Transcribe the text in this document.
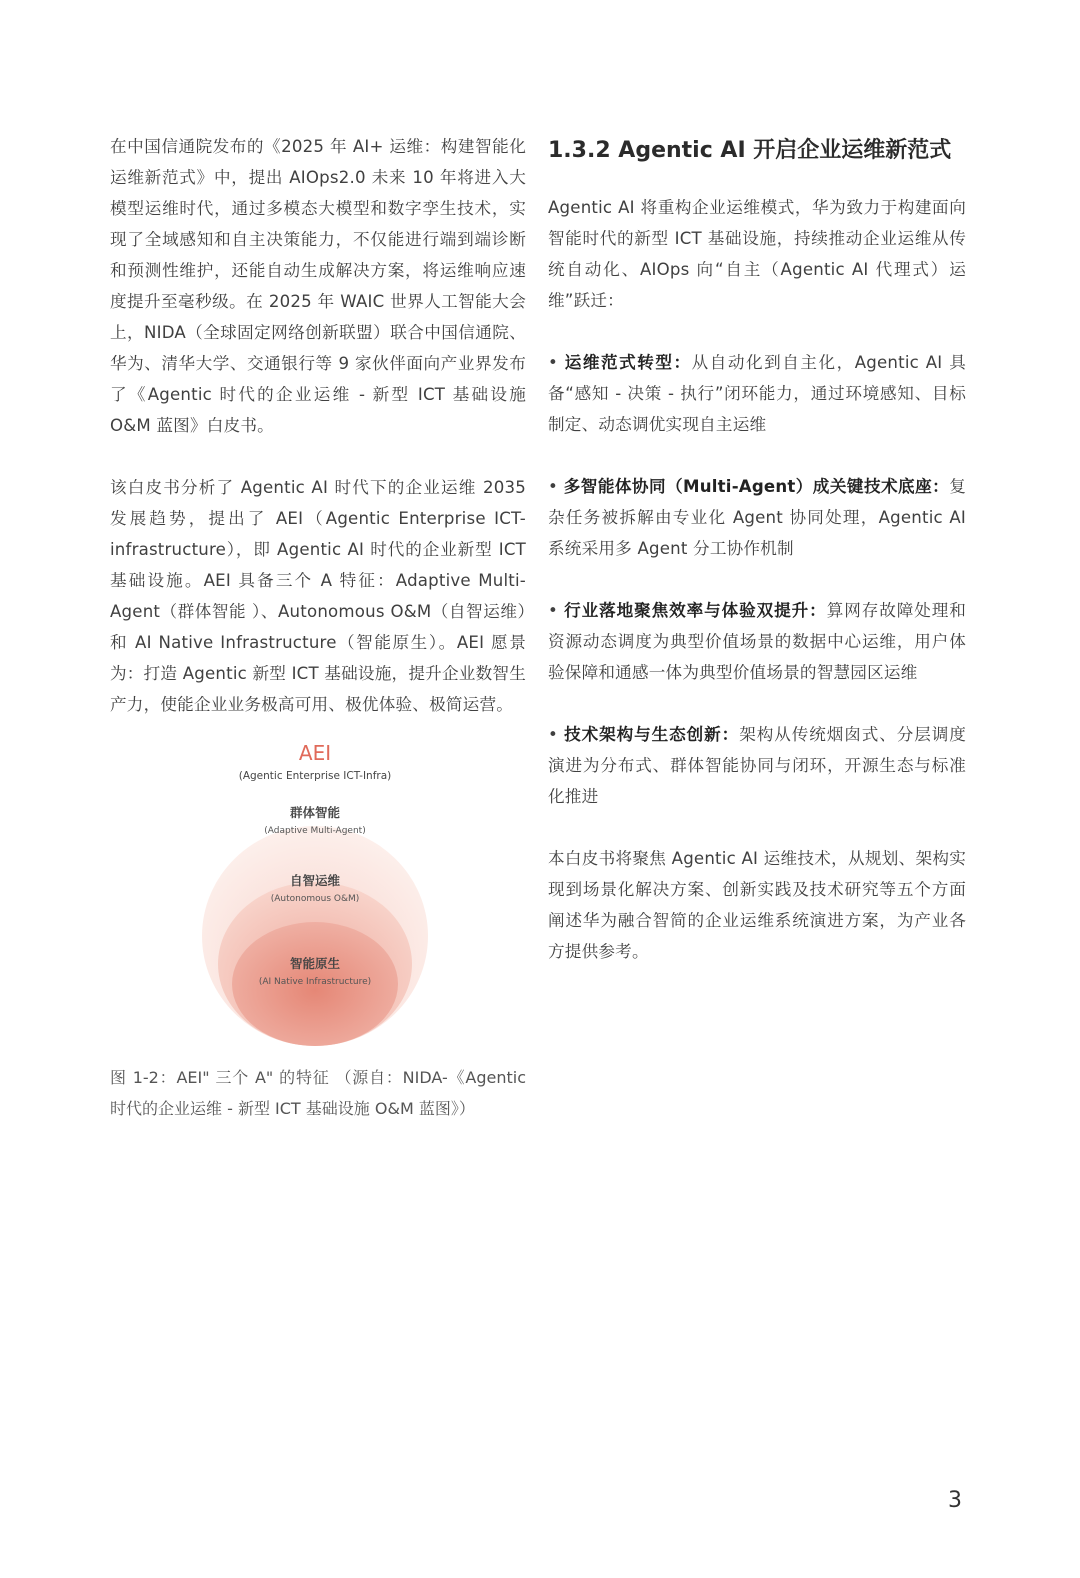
在中国信通院发布的《2025 年 AI+ 运维：构建智能化运维新范式》中，提出 AIOps2.0 未来 10 年将进入大模型运维时代，通过多模态大模型和数字孪生技术，实现了全域感知和自主决策能力，不仅能进行端到端诊断和预测性维护，还能自动生成解决方案，将运维响应速度提升至毫秒级。在 2025 年 WAIC 世界人工智能大会上，NIDA（全球固定网络创新联盟）联合中国信通院、华为、清华大学、交通银行等 9 家伙伴面向产业界发布了《Agentic 时代的企业运维 - 新型 ICT 基础设施 O&M 蓝图》白皮书。

该白皮书分析了 Agentic AI 时代下的企业运维 2035 发展趋势，提出了 AEI（Agentic Enterprise ICT-infrastructure），即 Agentic AI 时代的企业新型 ICT 基础设施。AEI 具备三个 A 特征：Adaptive Multi-Agent（群体智能 ）、Autonomous O&M（自智运维）和 AI Native Infrastructure（智能原生）。AEI 愿景为：打造 Agentic 新型 ICT 基础设施，提升企业数智生产力，使能企业业务极高可用、极优体验、极简运营。

AEI
(Agentic Enterprise ICT-Infra)
群体智能
(Adaptive Multi-Agent)
自智运维
(Autonomous O&M)
智能原生
(AI Native Infrastructure)
图 1-2：AEI" 三个 A" 的特征 （源自：NIDA-《Agentic 时代的企业运维 - 新型 ICT 基础设施 O&M 蓝图》）
1.3.2 Agentic AI 开启企业运维新范式

Agentic AI 将重构企业运维模式，华为致力于构建面向智能时代的新型 ICT 基础设施，持续推动企业运维从传统自动化、AIOps 向“自主（Agentic AI 代理式）运维”跃迁：

• 运维范式转型：从自动化到自主化，Agentic AI 具备“感知 - 决策 - 执行”闭环能力，通过环境感知、目标制定、动态调优实现自主运维

• 多智能体协同（Multi-Agent）成关键技术底座：复杂任务被拆解由专业化 Agent 协同处理，Agentic AI 系统采用多 Agent 分工协作机制

• 行业落地聚焦效率与体验双提升：算网存故障处理和资源动态调度为典型价值场景的数据中心运维，用户体验保障和通感一体为典型价值场景的智慧园区运维

• 技术架构与生态创新：架构从传统烟囱式、分层调度演进为分布式、群体智能协同与闭环，开源生态与标准化推进

本白皮书将聚焦 Agentic AI 运维技术，从规划、架构实现到场景化解决方案、创新实践及技术研究等五个方面阐述华为融合智简的企业运维系统演进方案，为产业各方提供参考。

3
